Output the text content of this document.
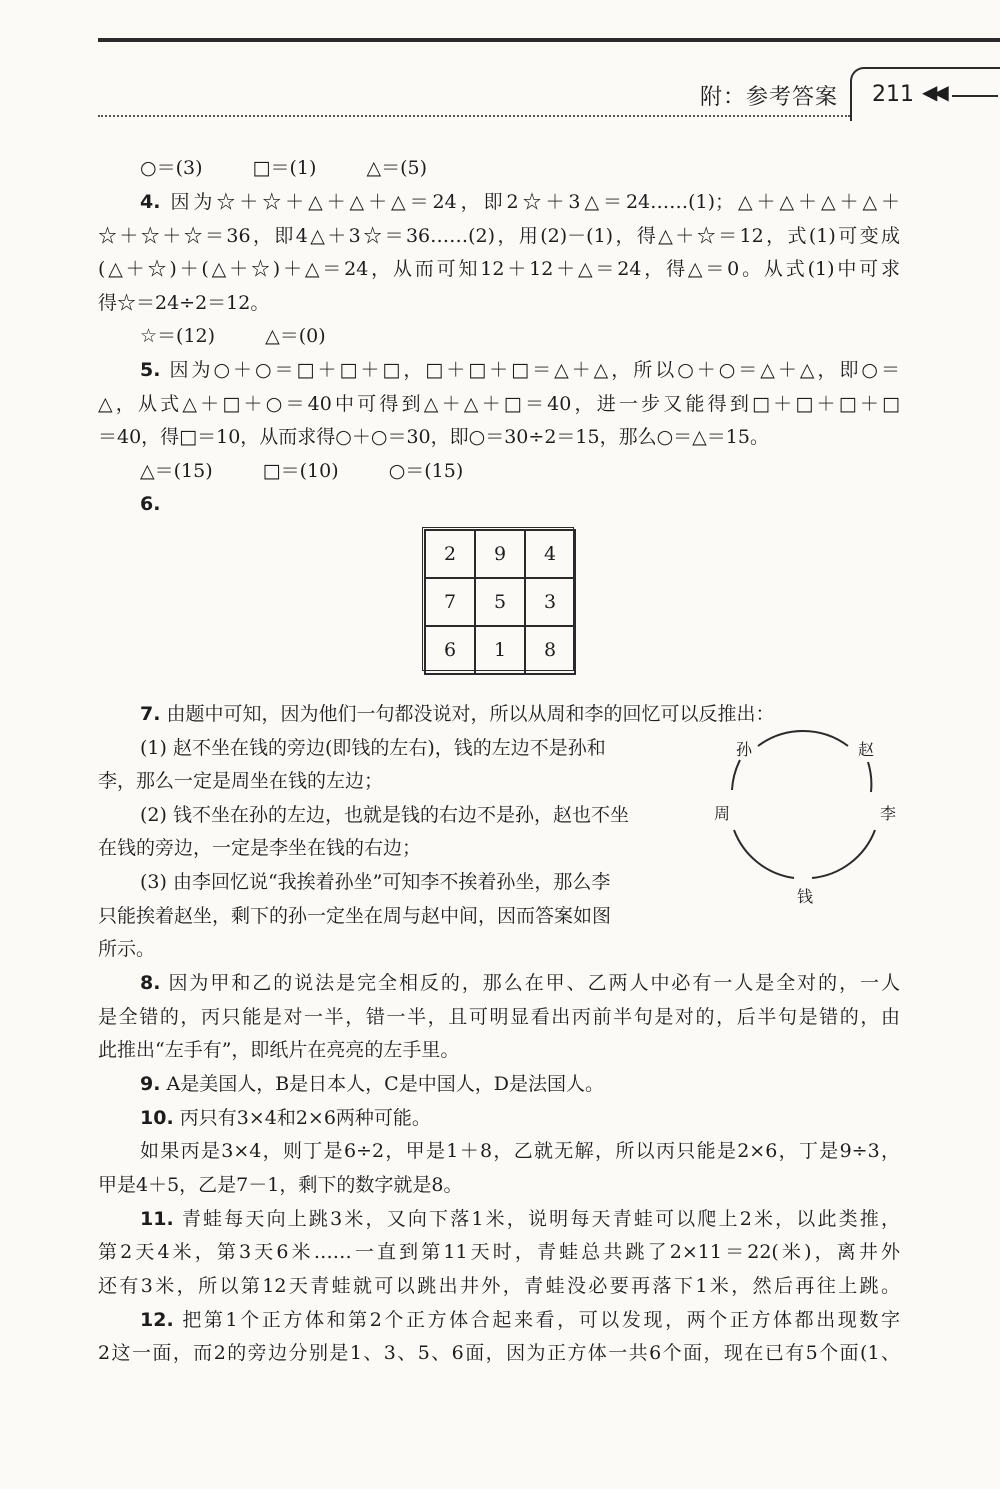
附：参考答案 211 ◀◀
○＝(3)	□＝(1)	△＝(5)
4. 因为☆＋☆＋△＋△＋△＝24，即2☆＋3△＝24……(1)；△＋△＋△＋△＋
☆＋☆＋☆＝36，即4△＋3☆＝36……(2)，用(2)－(1)，得△＋☆＝12，式(1)可变成
(△＋☆)＋(△＋☆)＋△＝24，从而可知12＋12＋△＝24，得△＝0。从式(1)中可求
得☆＝24÷2＝12。
☆＝(12)	△＝(0)
5. 因为○＋○＝□＋□＋□，□＋□＋□＝△＋△，所以○＋○＝△＋△，即○＝
△，从式△＋□＋○＝40中可得到△＋△＋□＝40，进一步又能得到□＋□＋□＋□
＝40，得□＝10，从而求得○＋○＝30，即○＝30÷2＝15，那么○＝△＝15。
△＝(15)	□＝(10)	○＝(15)
6.
2	9	4
7	5	3
6	1	8
7. 由题中可知，因为他们一句都没说对，所以从周和李的回忆可以反推出：
(1) 赵不坐在钱的旁边(即钱的左右)，钱的左边不是孙和
李，那么一定是周坐在钱的左边；
(2) 钱不坐在孙的左边，也就是钱的右边不是孙，赵也不坐
在钱的旁边，一定是李坐在钱的右边；
(3) 由李回忆说“我挨着孙坐”可知李不挨着孙坐，那么李
只能挨着赵坐，剩下的孙一定坐在周与赵中间，因而答案如图
所示。
孙	赵
周	李
钱
8. 因为甲和乙的说法是完全相反的，那么在甲、乙两人中必有一人是全对的，一人
是全错的，丙只能是对一半，错一半，且可明显看出丙前半句是对的，后半句是错的，由
此推出“左手有”，即纸片在亮亮的左手里。
9. A是美国人，B是日本人，C是中国人，D是法国人。
10. 丙只有3×4和2×6两种可能。
如果丙是3×4，则丁是6÷2，甲是1＋8，乙就无解，所以丙只能是2×6，丁是9÷3，
甲是4＋5，乙是7－1，剩下的数字就是8。
11. 青蛙每天向上跳3米，又向下落1米，说明每天青蛙可以爬上2米，以此类推，
第2天4米，第3天6米……一直到第11天时，青蛙总共跳了2×11＝22(米)，离井外
还有3米，所以第12天青蛙就可以跳出井外，青蛙没必要再落下1米，然后再往上跳。
12. 把第1个正方体和第2个正方体合起来看，可以发现，两个正方体都出现数字
2这一面，而2的旁边分别是1、3、5、6面，因为正方体一共6个面，现在已有5个面(1、
